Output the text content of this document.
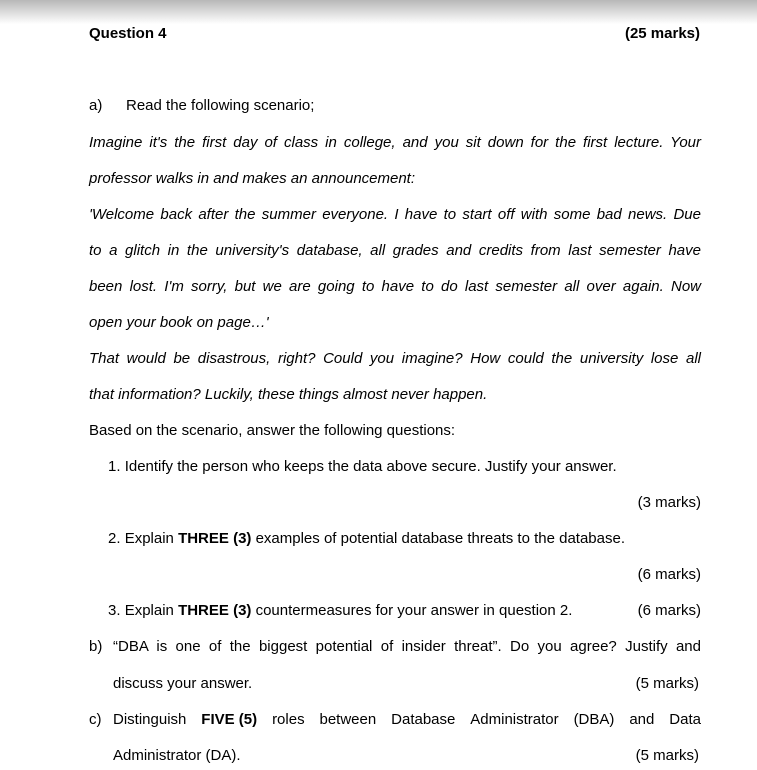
Question 4	(25 marks)
a) Read the following scenario;
Imagine it's the first day of class in college, and you sit down for the first lecture. Your
professor walks in and makes an announcement:
'Welcome back after the summer everyone. I have to start off with some bad news. Due
to a glitch in the university's database, all grades and credits from last semester have
been lost. I'm sorry, but we are going to have to do last semester all over again. Now
open your book on page…'
That would be disastrous, right? Could you imagine? How could the university lose all
that information? Luckily, these things almost never happen.
Based on the scenario, answer the following questions:
1. Identify the person who keeps the data above secure. Justify your answer.
(3 marks)
2. Explain THREE (3) examples of potential database threats to the database.
(6 marks)
3. Explain THREE (3) countermeasures for your answer in question 2.	(6 marks)
b) “DBA is one of the biggest potential of insider threat”. Do you agree? Justify and
discuss your answer.	(5 marks)
c) Distinguish FIVE (5) roles between Database Administrator (DBA) and Data
Administrator (DA).	(5 marks)
